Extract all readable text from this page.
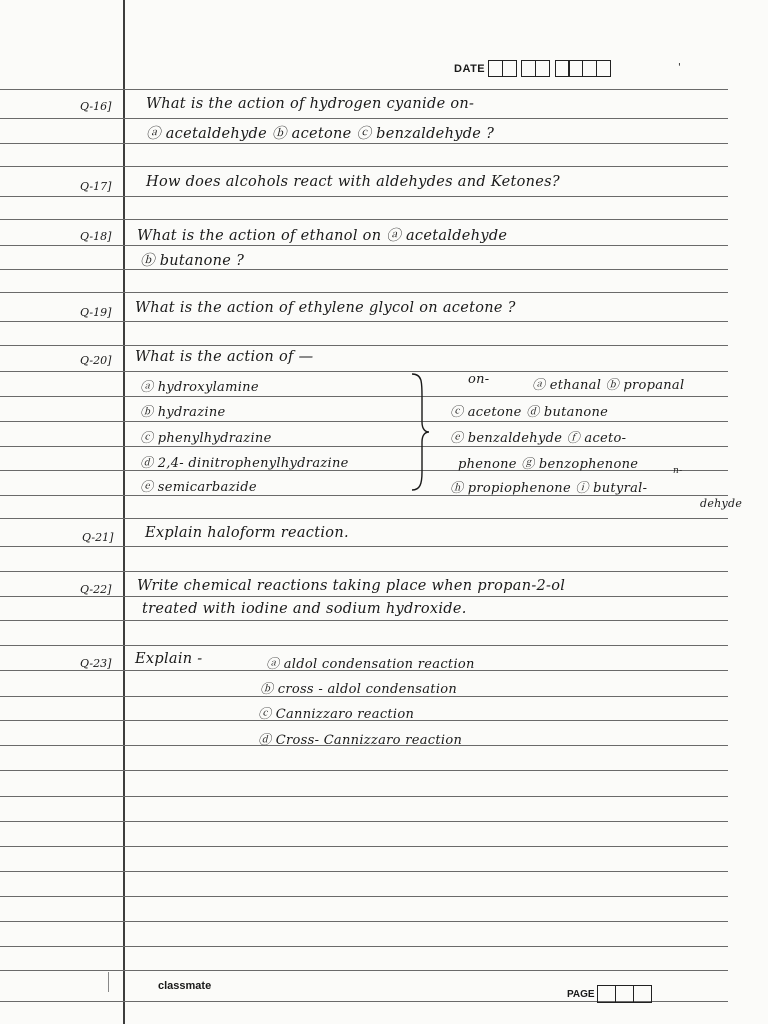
DATE	'
Q-16] What is the action of hydrogen cyanide on-
ⓐ acetaldehyde ⓑ acetone ⓒ benzaldehyde ?
Q-17] How does alcohols react with aldehydes and Ketones?
Q-18] What is the action of ethanol on ⓐ acetaldehyde
ⓑ butanone ?
Q-19] What is the action of ethylene glycol on acetone ?
Q-20] What is the action of —
ⓐ hydroxylamine
ⓑ hydrazine
ⓒ phenylhydrazine
ⓓ 2,4- dinitrophenylhydrazine
ⓔ semicarbazide
on-	ⓐ ethanal ⓑ propanal
ⓒ acetone ⓓ butanone
ⓔ benzaldehyde ⓕ aceto-
phenone ⓖ benzophenone
ⓗ propiophenone ⓘ butyral-
n-
dehyde
Q-21] Explain haloform reaction.
Q-22] Write chemical reactions taking place when propan-2-ol
treated with iodine and sodium hydroxide.
Q-23] Explain -	ⓐ aldol condensation reaction
ⓑ cross - aldol condensation
ⓒ Cannizzaro reaction
ⓓ Cross- Cannizzaro reaction
classmate
PAGE
